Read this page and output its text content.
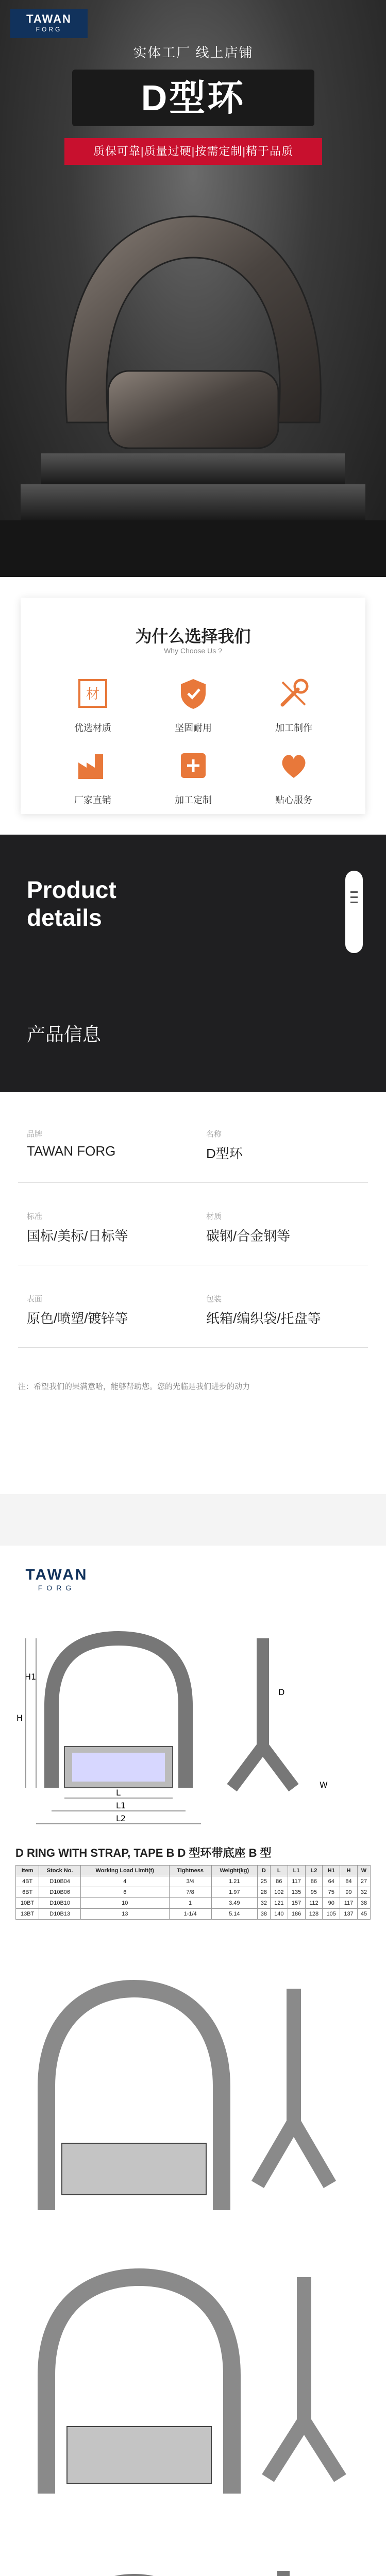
TAWAN
FORG
实体工厂 线上店铺
D型环
质保可靠|质量过硬|按需定制|精于品质
为什么选择我们
Why Choose Us ?
材
优选材质	坚固耐用	加工制作
厂家直销	加工定制	贴心服务
Product
details
产品信息
品牌
TAWAN FORG
名称
D型环
标准
国标/美标/日标等
材质
碳钢/合金钢等
表面
原色/喷塑/镀锌等
包装
纸箱/编织袋/托盘等
注：希望我们的果满意哈，能够帮助您。您的光临是我们进步的动力
TAWAN
FORG
H1
H
L
L1
L2
D
W
D RING WITH STRAP, TAPE B D 型环带底座 B 型
Item	Stock No.	Working Load Limit(t)	Tightness	Weight(kg)	D	L	L1	L2	H1	H	W
4BT	D10B04	4	3/4	1.21	25	86	117	86	64	84	27
6BT	D10B06	6	7/8	1.97	28	102	135	95	75	99	32
10BT	D10B10	10	1	3.49	32	121	157	112	90	117	38
13BT	D10B13	13	1-1/4	5.14	38	140	186	128	105	137	45
